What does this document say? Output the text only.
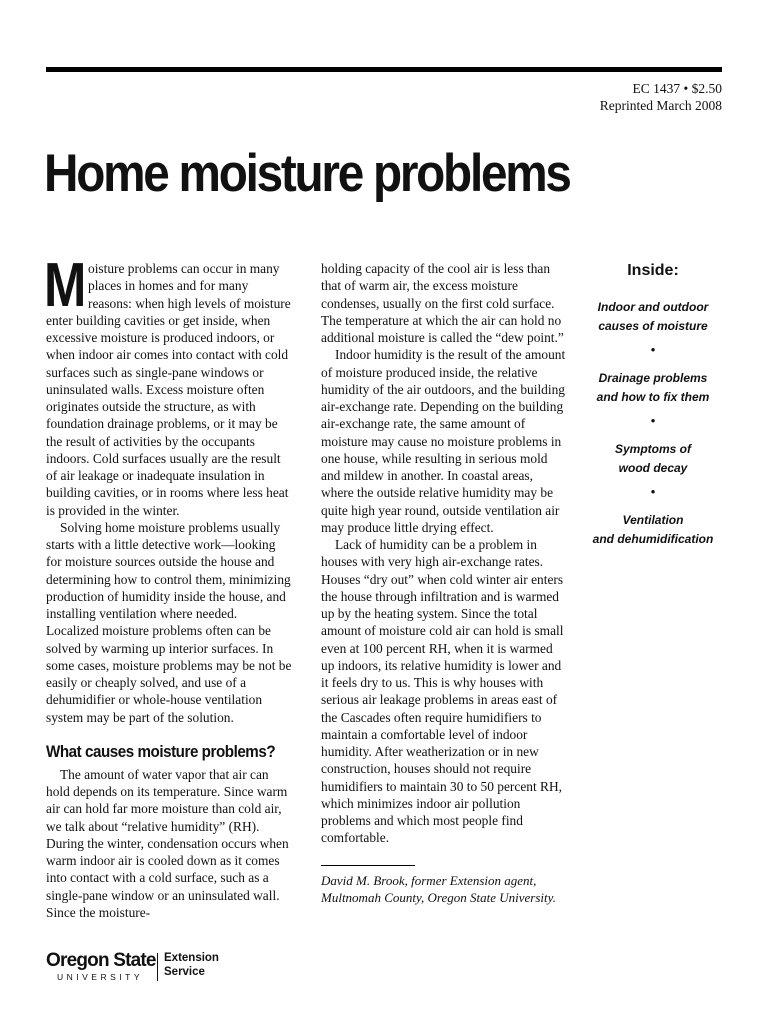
EC 1437 • $2.50
Reprinted March 2008
Home moisture problems

Moisture problems can occur in many places in homes and for many reasons: when high levels of moisture enter building cavities or get inside, when excessive moisture is produced indoors, or when indoor air comes into contact with cold surfaces such as single-pane windows or uninsulated walls. Excess moisture often originates outside the structure, as with foundation drainage problems, or it may be the result of activities by the occupants indoors. Cold surfaces usually are the result of air leakage or inadequate insulation in building cavities, or in rooms where less heat is provided in the winter.

Solving home moisture problems usually starts with a little detective work—looking for moisture sources outside the house and determining how to control them, minimizing production of humidity inside the house, and installing ventilation where needed. Localized moisture problems often can be solved by warming up interior surfaces. In some cases, moisture problems may be not be easily or cheaply solved, and use of a dehumidifier or whole-house ventilation system may be part of the solution.

What causes moisture problems?

The amount of water vapor that air can hold depends on its temperature. Since warm air can hold far more moisture than cold air, we talk about “relative humidity” (RH). During the winter, condensation occurs when warm indoor air is cooled down as it comes into contact with a cold surface, such as a single-pane window or an uninsulated wall. Since the moisture-

holding capacity of the cool air is less than that of warm air, the excess moisture condenses, usually on the first cold surface. The temperature at which the air can hold no additional moisture is called the “dew point.”

Indoor humidity is the result of the amount of moisture produced inside, the relative humidity of the air outdoors, and the building air-exchange rate. Depending on the building air-exchange rate, the same amount of moisture may cause no moisture problems in one house, while resulting in serious mold and mildew in another. In coastal areas, where the outside relative humidity may be quite high year round, outside ventilation air may produce little drying effect.

Lack of humidity can be a problem in houses with very high air-exchange rates. Houses “dry out” when cold winter air enters the house through infiltration and is warmed up by the heating system. Since the total amount of moisture cold air can hold is small even at 100 percent RH, when it is warmed up indoors, its relative humidity is lower and it feels dry to us. This is why houses with serious air leakage problems in areas east of the Cascades often require humidifiers to maintain a comfortable level of indoor humidity. After weatherization or in new construction, houses should not require humidifiers to maintain 30 to 50 percent RH, which minimizes indoor air pollution problems and which most people find comfortable.

David M. Brook, former Extension agent,
Multnomah County, Oregon State University.
Inside:
Indoor and outdoor
causes of moisture
•
Drainage problems
and how to fix them
•
Symptoms of
wood decay
•
Ventilation
and dehumidification
Oregon State
UNIVERSITY
Extension
Service
